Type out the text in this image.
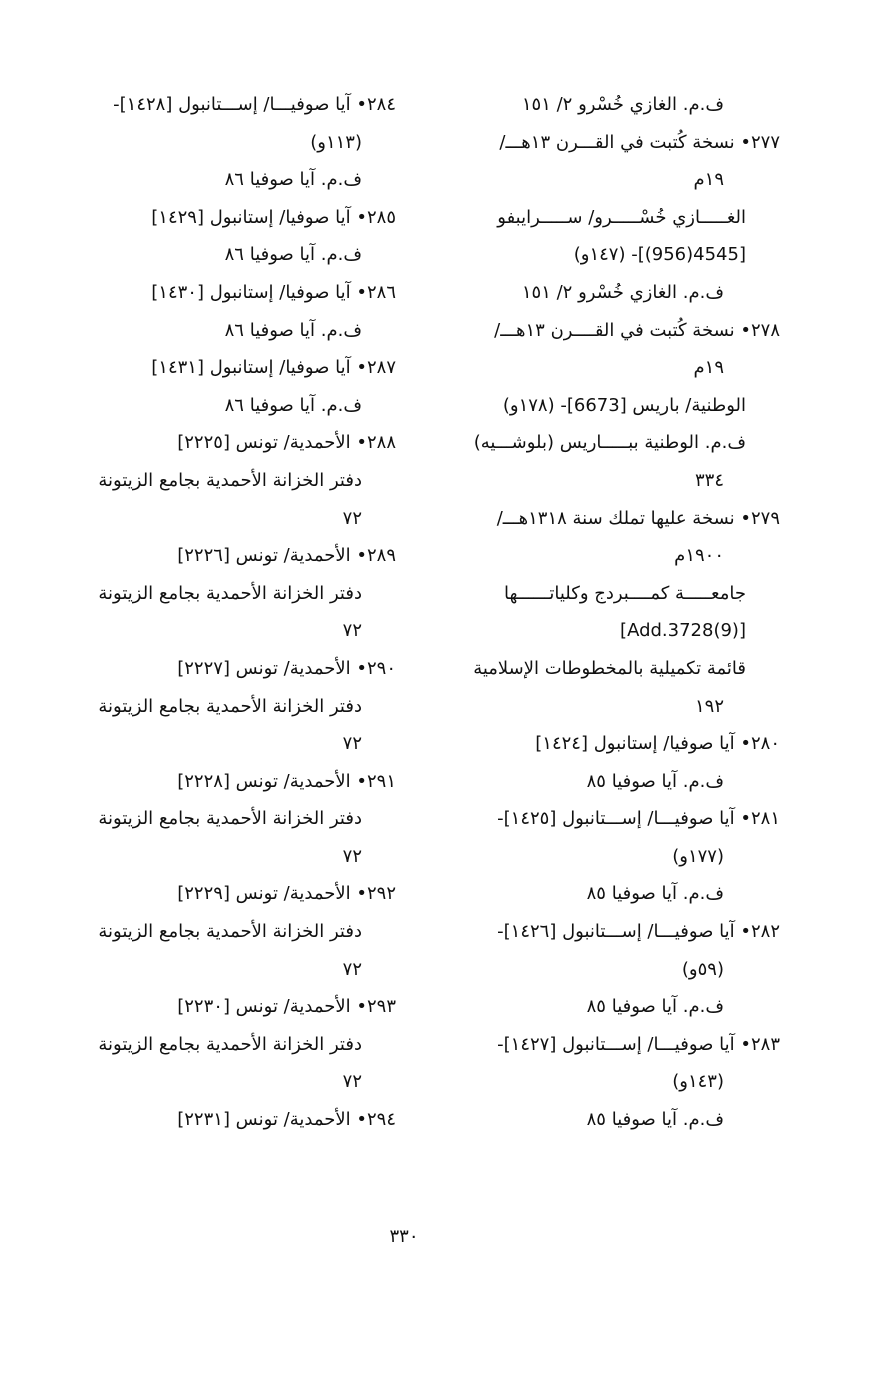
ف.م. الغازي خُسْرو ٢/ ١٥١
٢٧٧• نسخة كُتبت في القـــرن ١٣هـــ/
١٩م
الغـــــازي خُسْـــــرو/ ســـــرايبفو
[4545(956)]- (١٤٧و)
ف.م. الغازي خُسْرو ٢/ ١٥١
٢٧٨• نسخة كُتبت في القــــرن ١٣هـــ/
١٩م
الوطنية/ باريس [6673]- (١٧٨و)
ف.م. الوطنية ببـــــاريس (بلوشـــيه)
٣٣٤
٢٧٩• نسخة عليها تملك سنة ١٣١٨هـــ/
١٩٠٠م
جامعـــــة كمــــبردج وكلياتــــــها
[Add.3728(9)]
قائمة تكميلية بالمخطوطات الإسلامية
١٩٢
٢٨٠• آيا صوفيا/ إستانبول [١٤٢٤]
ف.م. آيا صوفيا ٨٥
٢٨١• آيا صوفيـــا/ إســـتانبول [١٤٢٥]-
(١٧٧و)
ف.م. آيا صوفيا ٨٥
٢٨٢• آيا صوفيـــا/ إســـتانبول [١٤٢٦]-
(٥٩و)
ف.م. آيا صوفيا ٨٥
٢٨٣• آيا صوفيـــا/ إســـتانبول [١٤٢٧]-
(١٤٣و)
ف.م. آيا صوفيا ٨٥
٢٨٤• آيا صوفيـــا/ إســـتانبول [١٤٢٨]-
(١١٣و)
ف.م. آيا صوفيا ٨٦
٢٨٥• آيا صوفيا/ إستانبول [١٤٢٩]
ف.م. آيا صوفيا ٨٦
٢٨٦• آيا صوفيا/ إستانبول [١٤٣٠]
ف.م. آيا صوفيا ٨٦
٢٨٧• آيا صوفيا/ إستانبول [١٤٣١]
ف.م. آيا صوفيا ٨٦
٢٨٨• الأحمدية/ تونس [٢٢٢٥]
دفتر الخزانة الأحمدية بجامع الزيتونة
٧٢
٢٨٩• الأحمدية/ تونس [٢٢٢٦]
دفتر الخزانة الأحمدية بجامع الزيتونة
٧٢
٢٩٠• الأحمدية/ تونس [٢٢٢٧]
دفتر الخزانة الأحمدية بجامع الزيتونة
٧٢
٢٩١• الأحمدية/ تونس [٢٢٢٨]
دفتر الخزانة الأحمدية بجامع الزيتونة
٧٢
٢٩٢• الأحمدية/ تونس [٢٢٢٩]
دفتر الخزانة الأحمدية بجامع الزيتونة
٧٢
٢٩٣• الأحمدية/ تونس [٢٢٣٠]
دفتر الخزانة الأحمدية بجامع الزيتونة
٧٢
٢٩٤• الأحمدية/ تونس [٢٢٣١]
٣٣٠
